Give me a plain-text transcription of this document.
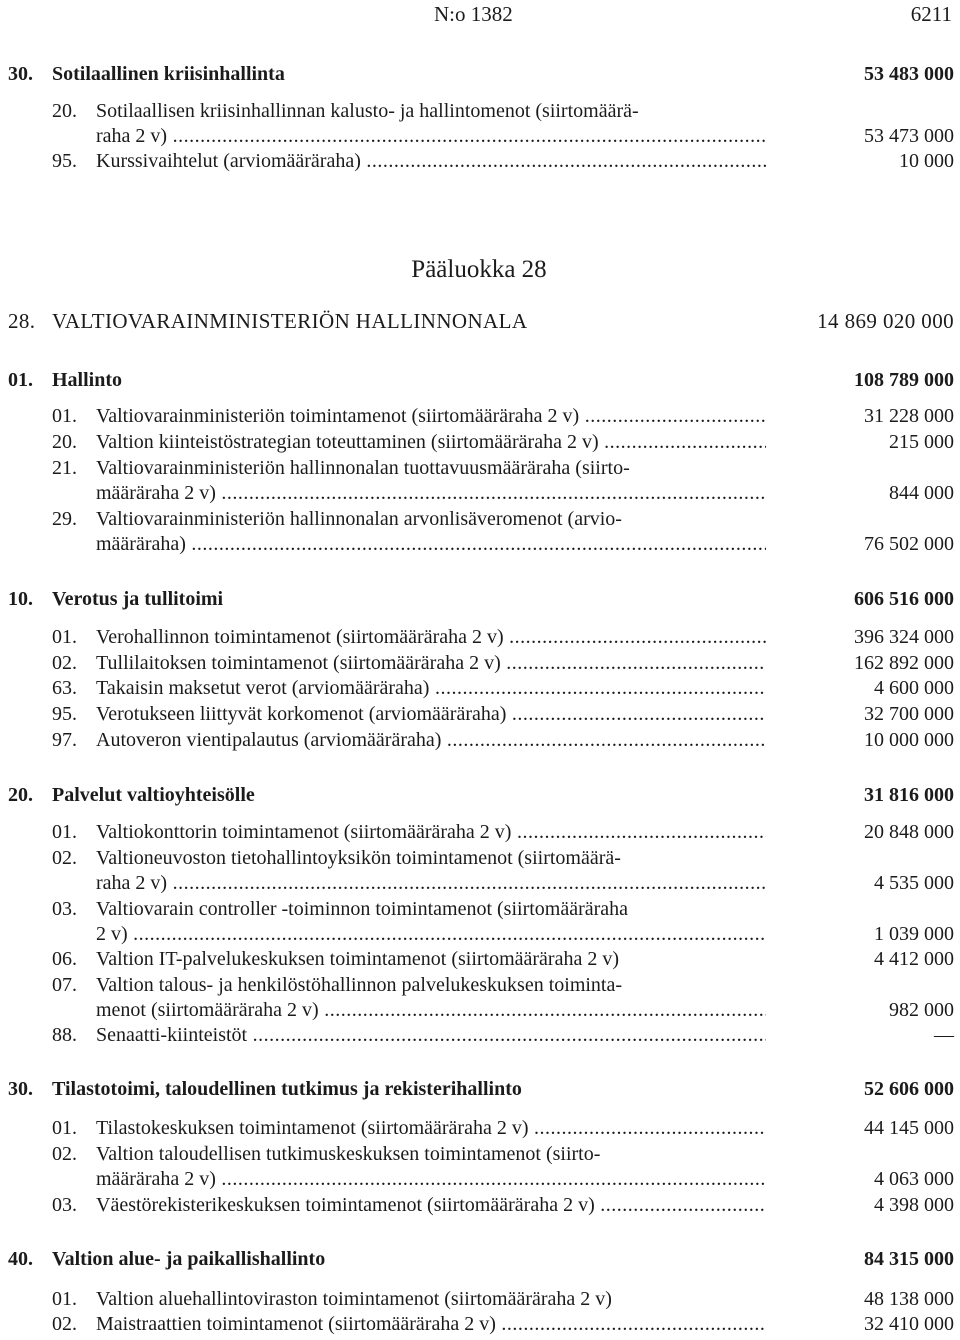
N:o 1382	6211
30. Sotilaallinen kriisinhallinta	53 483 000
20. Sotilaallisen kriisinhallinnan kalusto- ja hallintomenot (siirtomäärä-
raha 2 v) .....	53 473 000
95. Kurssivaihtelut (arviomääräraha) .....	10 000
Pääluokka 28
28. VALTIOVARAINMINISTERIÖN HALLINNONALA	14 869 020 000
01. Hallinto	108 789 000
01. Valtiovarainministeriön toimintamenot (siirtomääräraha 2 v) .....	31 228 000
20. Valtion kiinteistöstrategian toteuttaminen (siirtomääräraha 2 v) .....	215 000
21. Valtiovarainministeriön hallinnonalan tuottavuusmääräraha (siirto-
määräraha 2 v) .....	844 000
29. Valtiovarainministeriön hallinnonalan arvonlisäveromenot (arvio-
määräraha) .....	76 502 000
10. Verotus ja tullitoimi	606 516 000
01. Verohallinnon toimintamenot (siirtomääräraha 2 v) .....	396 324 000
02. Tullilaitoksen toimintamenot (siirtomääräraha 2 v) .....	162 892 000
63. Takaisin maksetut verot (arviomääräraha) .....	4 600 000
95. Verotukseen liittyvät korkomenot (arviomääräraha) .....	32 700 000
97. Autoveron vientipalautus (arviomääräraha) .....	10 000 000
20. Palvelut valtioyhteisölle	31 816 000
01. Valtiokonttorin toimintamenot (siirtomääräraha 2 v) .....	20 848 000
02. Valtioneuvoston tietohallintoyksikön toimintamenot (siirtomäärä-
raha 2 v) .....	4 535 000
03. Valtiovarain controller -toiminnon toimintamenot (siirtomääräraha
2 v) .....	1 039 000
06. Valtion IT-palvelukeskuksen toimintamenot (siirtomääräraha 2 v)	4 412 000
07. Valtion talous- ja henkilöstöhallinnon palvelukeskuksen toiminta-
menot (siirtomääräraha 2 v) .....	982 000
88. Senaatti-kiinteistöt .....	—
30. Tilastotoimi, taloudellinen tutkimus ja rekisterihallinto	52 606 000
01. Tilastokeskuksen toimintamenot (siirtomääräraha 2 v) .....	44 145 000
02. Valtion taloudellisen tutkimuskeskuksen toimintamenot (siirto-
määräraha 2 v) .....	4 063 000
03. Väestörekisterikeskuksen toimintamenot (siirtomääräraha 2 v) .....	4 398 000
40. Valtion alue- ja paikallishallinto	84 315 000
01. Valtion aluehallintoviraston toimintamenot (siirtomääräraha 2 v)	48 138 000
02. Maistraattien toimintamenot (siirtomääräraha 2 v) .....	32 410 000
